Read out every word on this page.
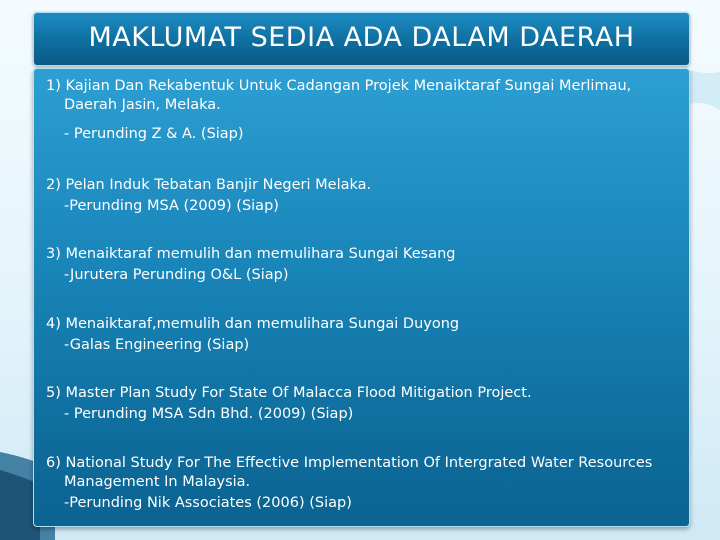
MAKLUMAT SEDIA ADA DALAM DAERAH
1) Kajian Dan Rekabentuk Untuk Cadangan Projek Menaiktaraf Sungai Merlimau,
Daerah Jasin, Melaka.
- Perunding Z & A. (Siap)
2) Pelan Induk Tebatan Banjir Negeri Melaka.
-Perunding MSA (2009) (Siap)
3) Menaiktaraf memulih dan memulihara Sungai Kesang
-Jurutera Perunding O&L (Siap)
4) Menaiktaraf,memulih dan memulihara Sungai Duyong
-Galas Engineering (Siap)
5) Master Plan Study For State Of Malacca Flood Mitigation Project.
- Perunding MSA Sdn Bhd. (2009) (Siap)
6) National Study For The Effective Implementation Of Intergrated Water Resources
Management In Malaysia.
-Perunding Nik Associates (2006) (Siap)
